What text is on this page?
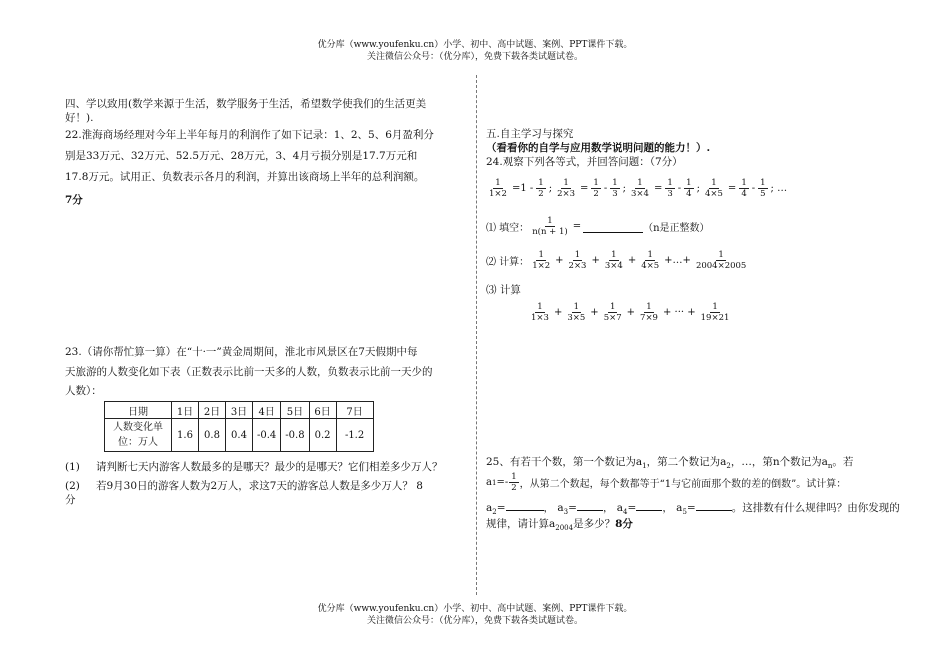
优分库（www.youfenku.cn）小学、初中、高中试题、案例、PPT课件下载。
关注微信公众号：（优分库），免费下载各类试题试卷。
四、学以致用(数学来源于生活，数学服务于生活，希望数学使我们的生活更美
好！).
22.淮海商场经理对今年上半年每月的利润作了如下记录：1、2、5、6月盈利分
别是33万元、32万元、52.5万元、28万元，3、4月亏损分别是17.7万元和
17.8万元。试用正、负数表示各月的利润，并算出该商场上半年的总利润额。
7分
23.（请你帮忙算一算）在“十·一”黄金周期间，淮北市风景区在7天假期中每
天旅游的人数变化如下表（正数表示比前一天多的人数，负数表示比前一天少的
人数）：
日期	1日	2日	3日	4日	5日	6日	7日

人数变化单
位：万人	1.6	0.8	0.4	-0.4	-0.8	0.2	-1.2
(1) 请判断七天内游客人数最多的是哪天？最少的是哪天？它们相差多少万人？
(2) 若9月30日的游客人数为2万人，求这7天的游客总人数是多少万人？ 8
分
五.自主学习与探究
（看看你的自学与应用数学说明问题的能力！）.
24.观察下列各等式，并回答问题：（7分）
$\frac{1}{1\times 2} =1 - \frac{1}{2}$ ; $\frac{1}{2\times 3} = \frac{1}{2} - \frac{1}{3}$ ; $\frac{1}{3\times 4} = \frac{1}{3} - \frac{1}{4}$ ; $\frac{1}{4\times 5} = \frac{1}{4} - \frac{1}{5}$ ; …
⑴ 填空： $\frac{1}{n(n + 1)}$ =	（n是正整数）
⑵ 计算： $\frac{1}{1\times 2} + \frac{1}{2\times 3} + \frac{1}{3\times 4} + \frac{1}{4\times 5}$ +…+ $\frac{1}{2004\times 2005}$
⑶ 计算
$\frac{1}{1\times 3} + \frac{1}{3\times 5} + \frac{1}{5\times 7} + \frac{1}{7\times 9}$ + ··· + $\frac{1}{19\times 21}$
25、有若干个数，第一个数记为$a_1$，第二个数记为$a_2$，…，第n个数记为$a_n$。若
a $1 =- \frac{1}{2}$ ，从第二个数起，每个数都等于“1与它前面那个数的差的倒数”。试计算：
$a_2=$	， $a_3=$ ， $a_4=$ ， $a_5=$	。这排数有什么规律吗？由你发现的
规律，请计算$a_{2004}$是多少？8分
优分库（www.youfenku.cn）小学、初中、高中试题、案例、PPT课件下载。
关注微信公众号：（优分库），免费下载各类试题试卷。
